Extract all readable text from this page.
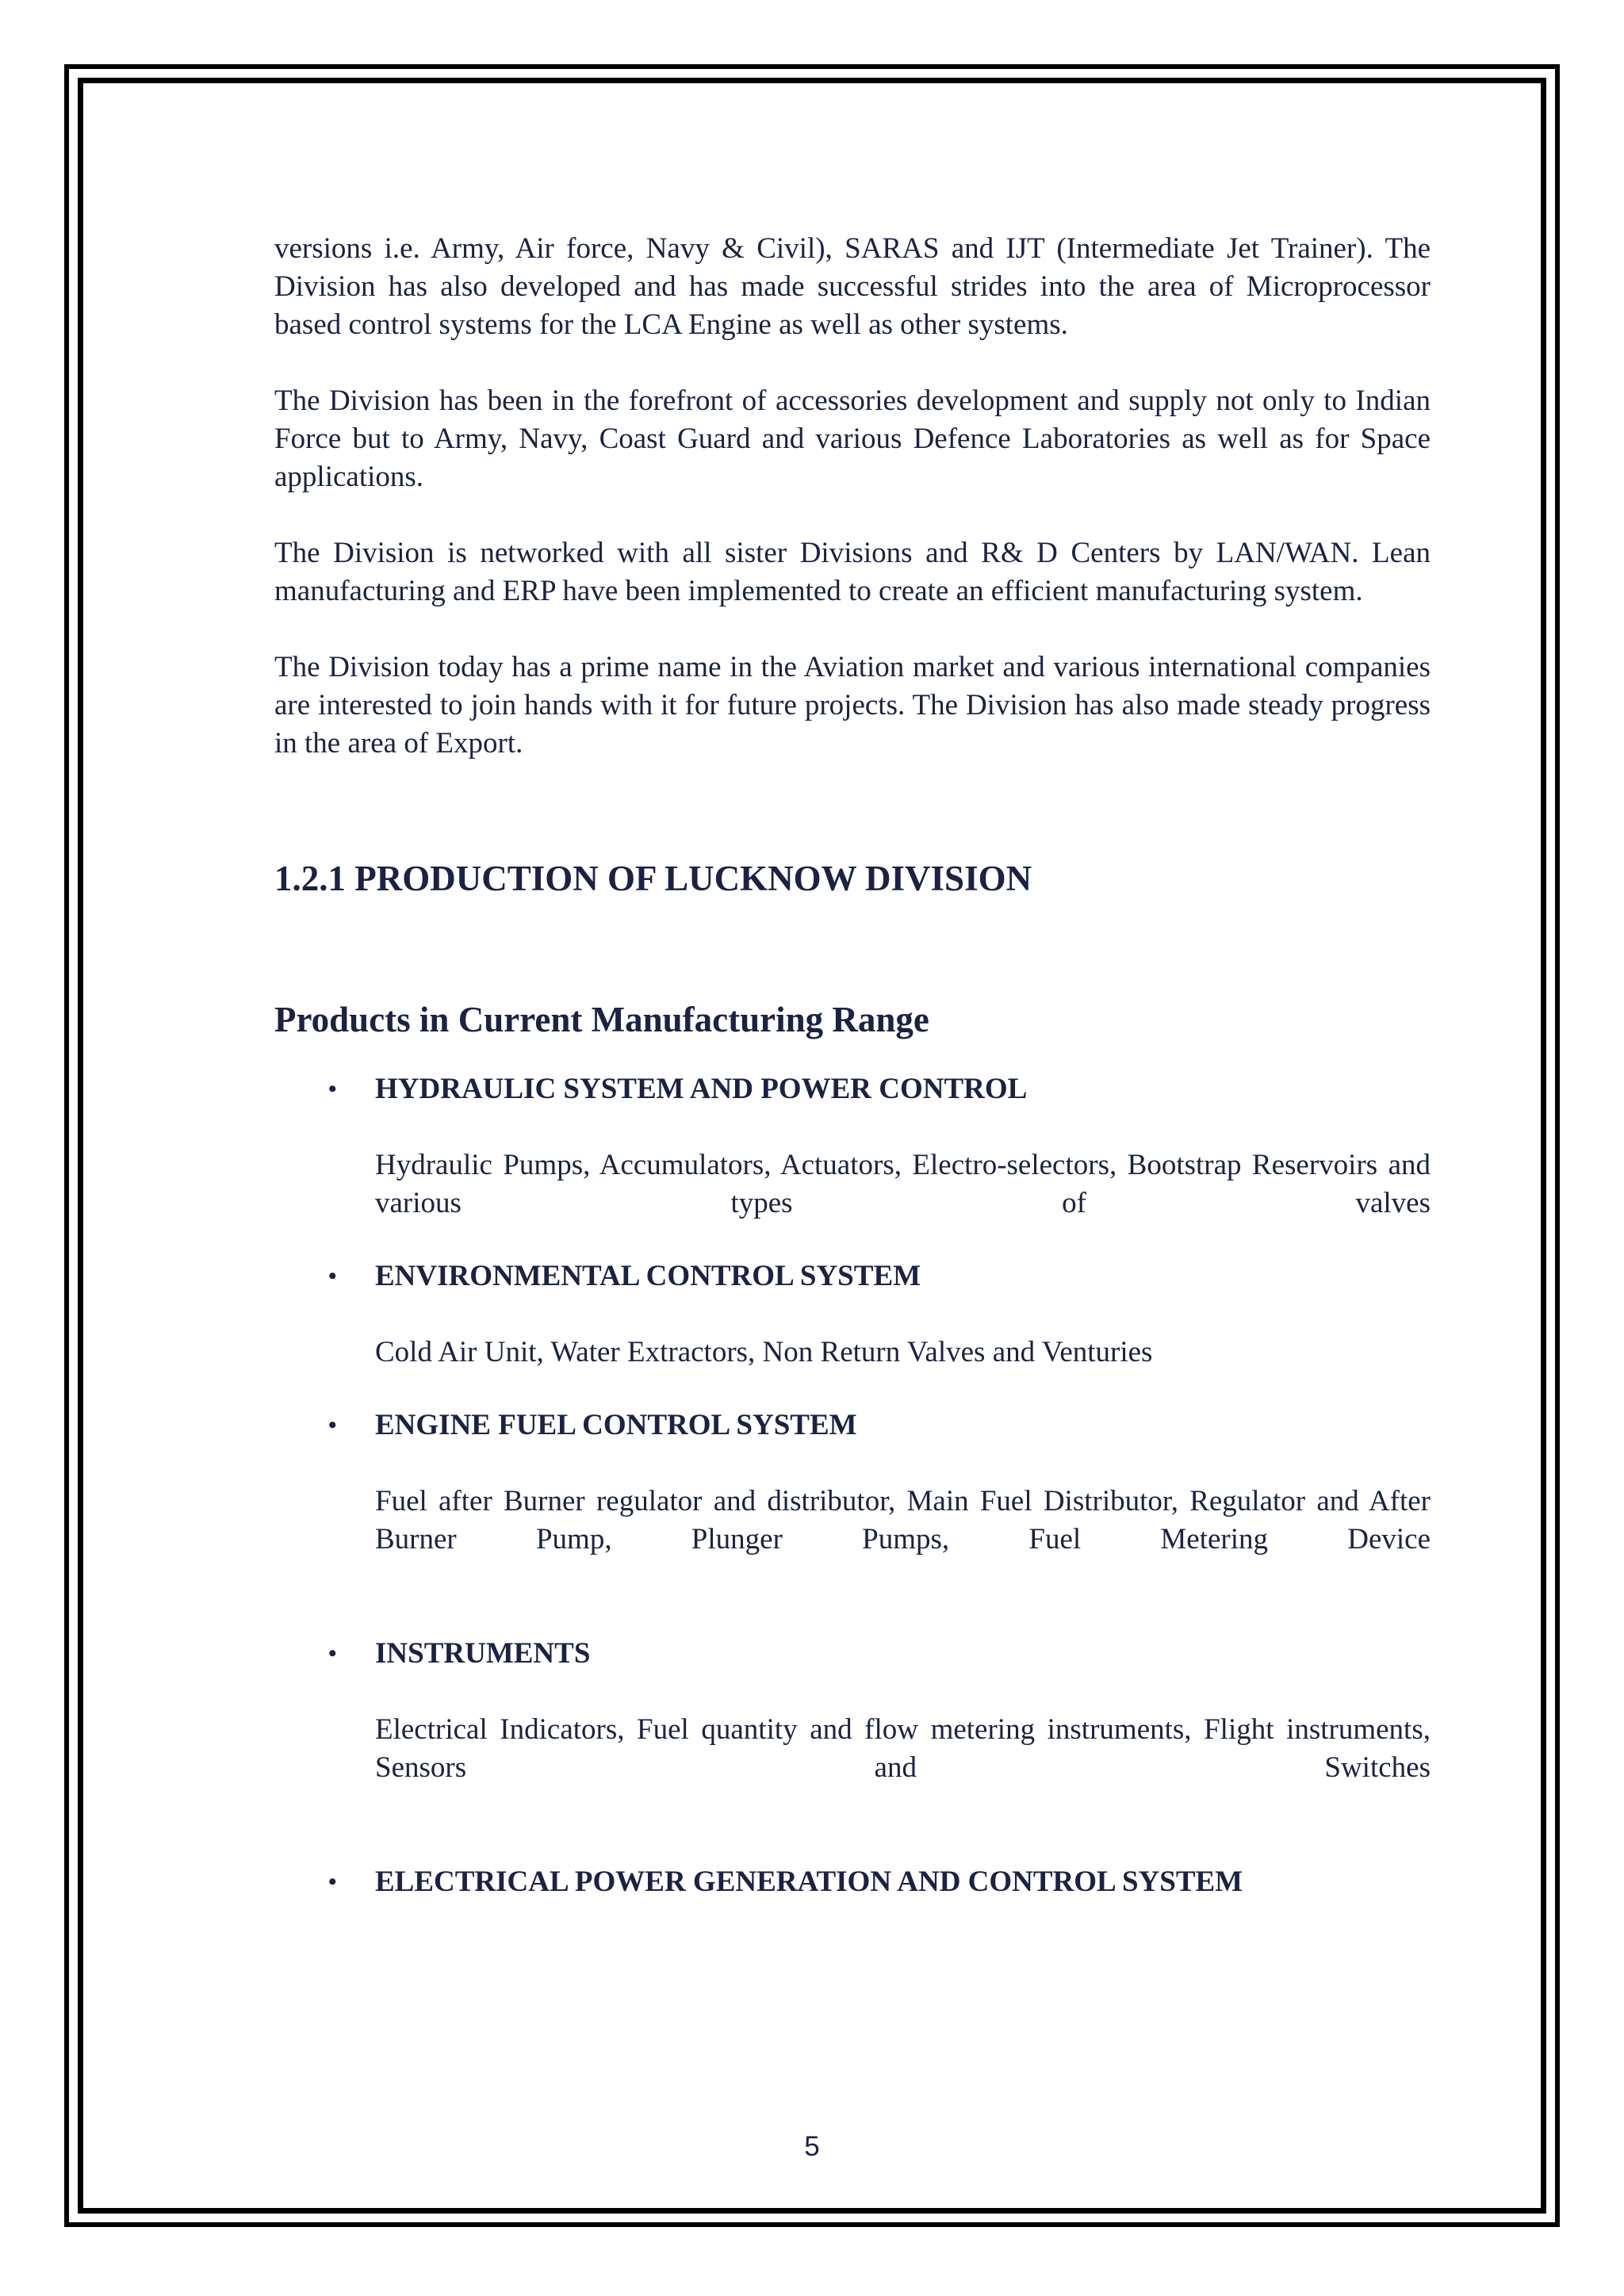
versions i.e. Army, Air force, Navy & Civil), SARAS and IJT (Intermediate Jet Trainer). The Division has also developed and has made successful strides into the area of Microprocessor based control systems for the LCA Engine as well as other systems.

The Division has been in the forefront of accessories development and supply not only to Indian Force but to Army, Navy, Coast Guard and various Defence Laboratories as well as for Space applications.

The Division is networked with all sister Divisions and R& D Centers by LAN/WAN. Lean manufacturing and ERP have been implemented to create an efficient manufacturing system.

The Division today has a prime name in the Aviation market and various international companies are interested to join hands with it for future projects. The Division has also made steady progress in the area of Export.

1.2.1 PRODUCTION OF LUCKNOW DIVISION
Products in Current Manufacturing Range
• HYDRAULIC SYSTEM AND POWER CONTROL
Hydraulic Pumps, Accumulators, Actuators, Electro-selectors, Bootstrap Reservoirs and various types of valves
• ENVIRONMENTAL CONTROL SYSTEM
Cold Air Unit, Water Extractors, Non Return Valves and Venturies
• ENGINE FUEL CONTROL SYSTEM
Fuel after Burner regulator and distributor, Main Fuel Distributor, Regulator and After Burner Pump, Plunger Pumps, Fuel Metering Device
• INSTRUMENTS
Electrical Indicators, Fuel quantity and flow metering instruments, Flight instruments, Sensors and Switches
• ELECTRICAL POWER GENERATION AND CONTROL SYSTEM
5
